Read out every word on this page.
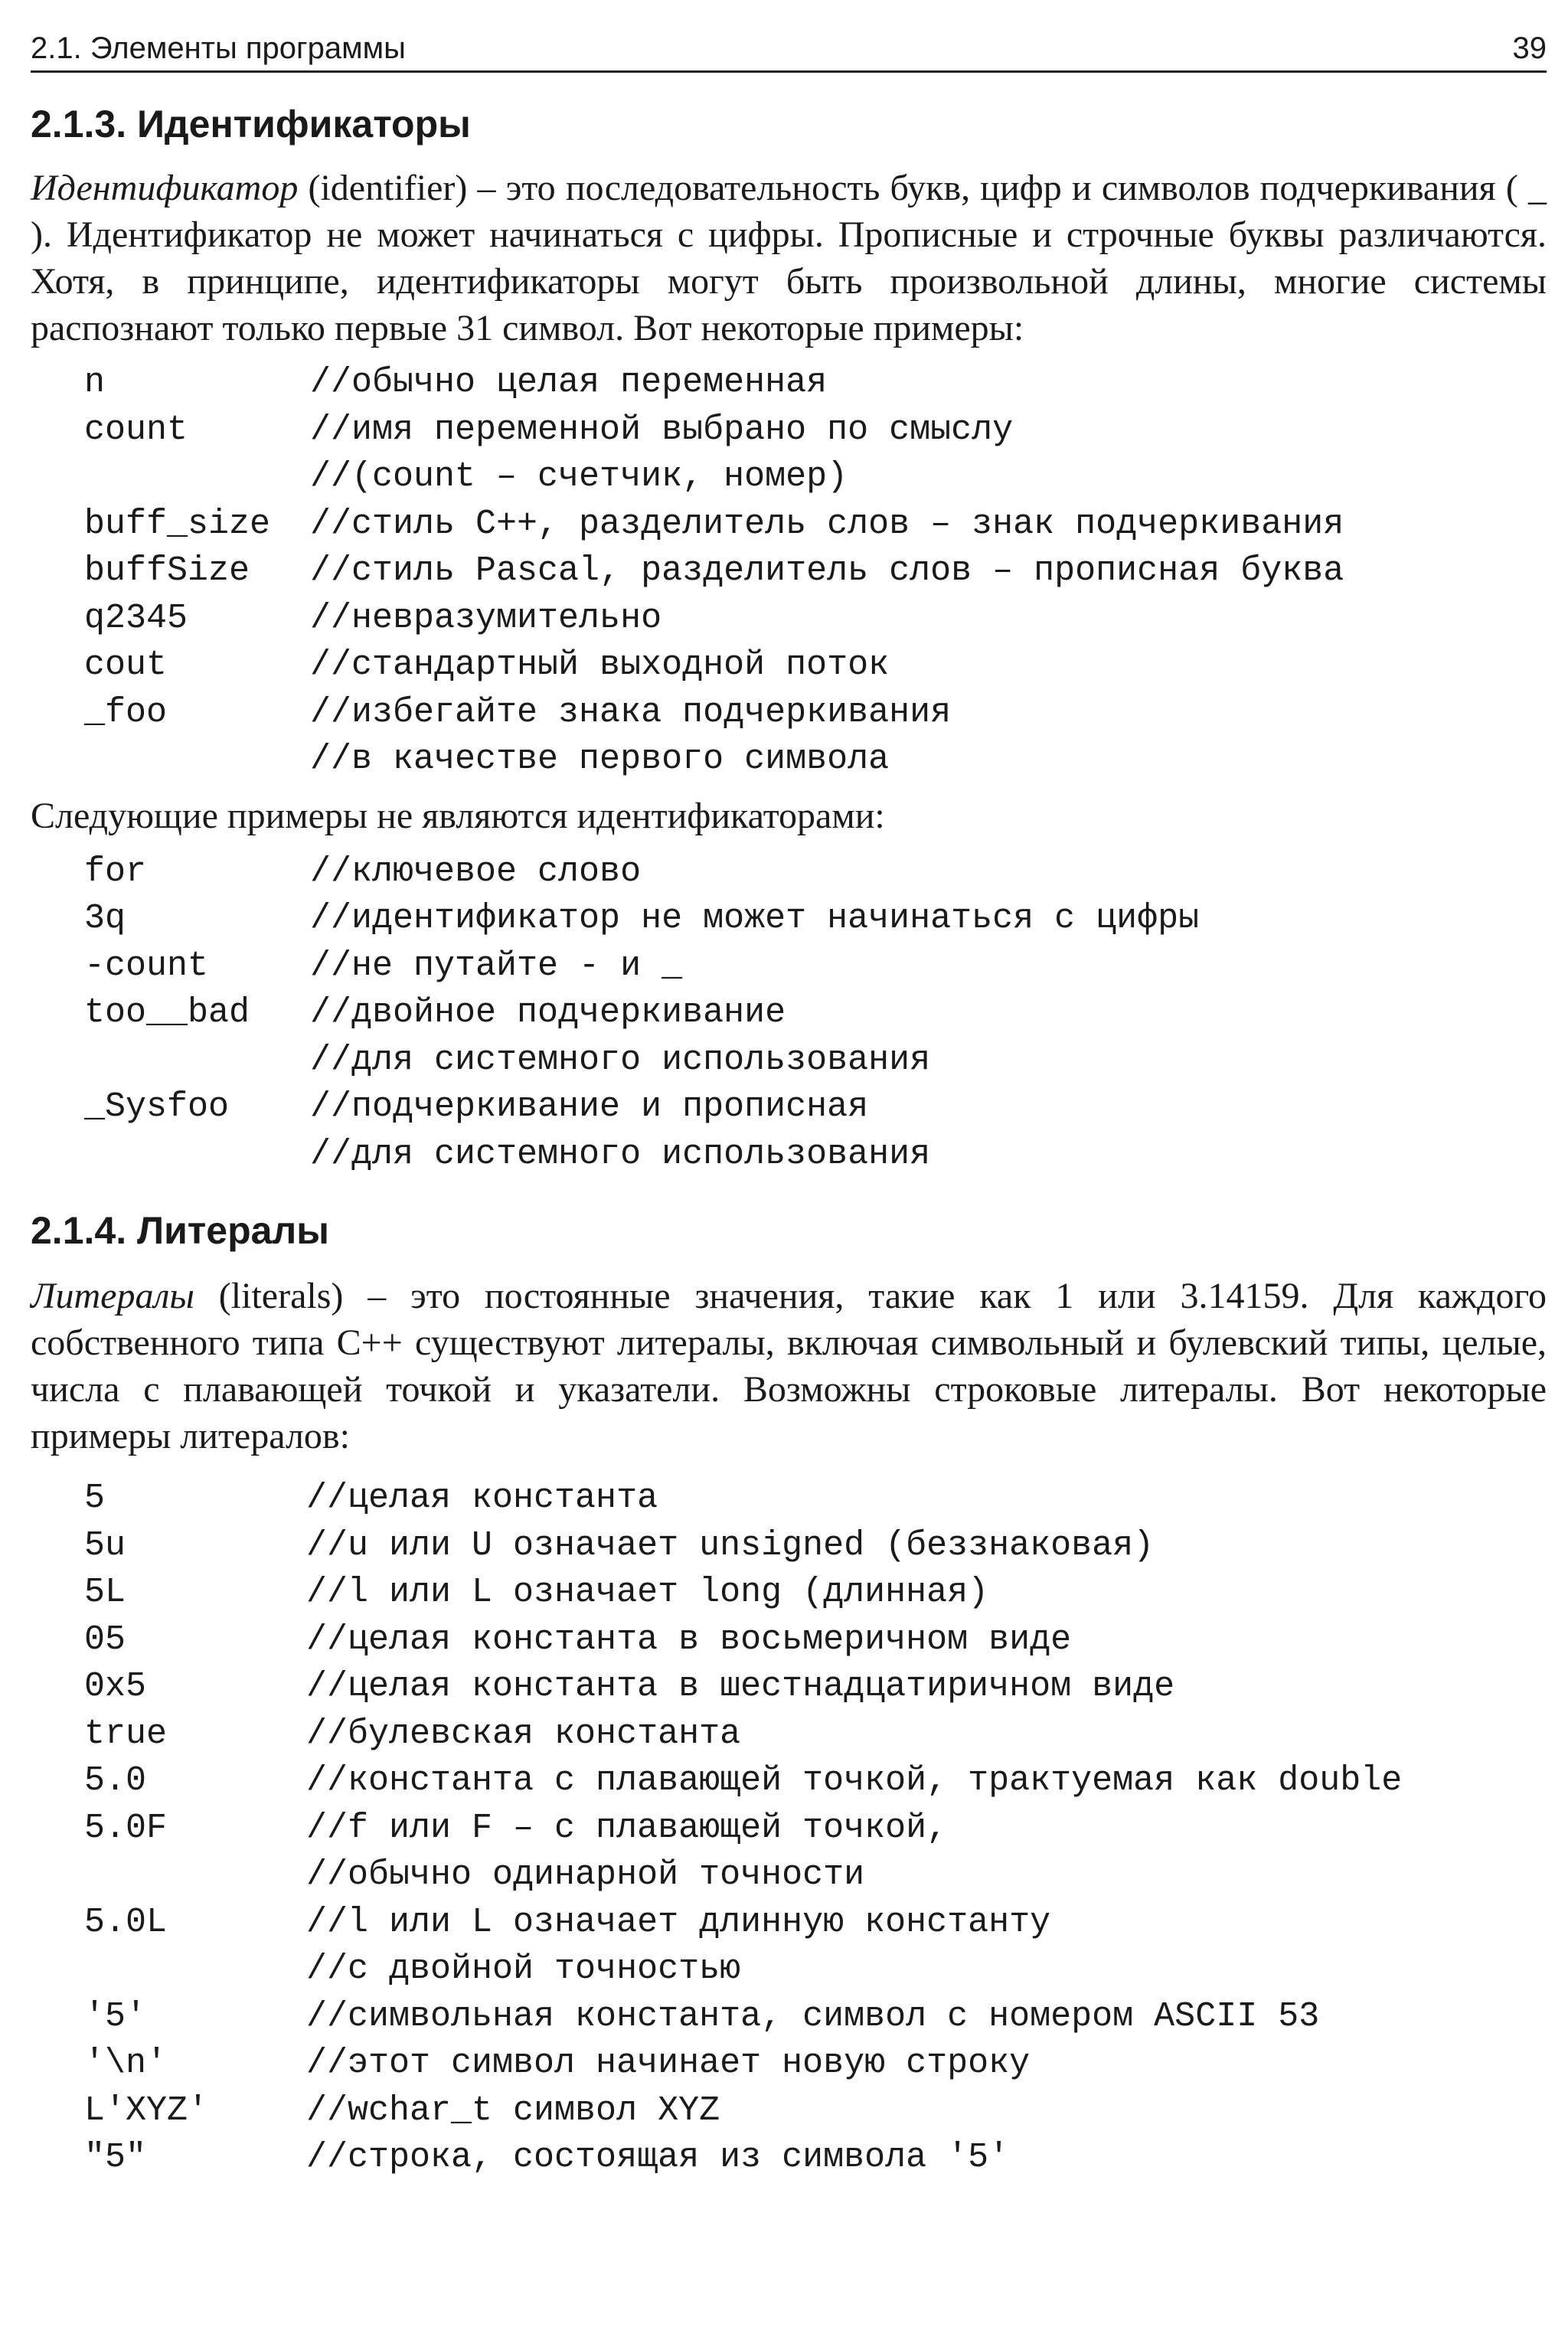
2.1. Элементы программы	39
2.1.3. Идентификаторы

Идентификатор (identifier) – это последовательность букв, цифр и символов подчеркивания ( _ ). Идентификатор не может начинаться с цифры. Прописные и строчные буквы различаются. Хотя, в принципе, идентификаторы могут быть произвольной длины, многие системы распознают только первые 31 символ. Вот некоторые примеры:

n	//обычно целая переменная
count	//имя переменной выбрано по смыслу
//(count – счетчик, номер)
buff_size	//стиль C++, разделитель слов – знак подчеркивания
buffSize	//стиль Pascal, разделитель слов – прописная буква
q2345	//невразумительно
cout	//стандартный выходной поток
_foo	//избегайте знака подчеркивания
//в качестве первого символа

Следующие примеры не являются идентификаторами:

for	//ключевое слово
3q	//идентификатор не может начинаться с цифры
-count	//не путайте - и _
too__bad	//двойное подчеркивание
//для системного использования
_Sysfoo	//подчеркивание и прописная
//для системного использования
2.1.4. Литералы

Литералы (literals) – это постоянные значения, такие как 1 или 3.14159. Для каждого собственного типа C++ существуют литералы, включая символьный и булевский типы, целые, числа с плавающей точкой и указатели. Возможны строковые литералы. Вот некоторые примеры литералов:

5	//целая константа
5u	//u или U означает unsigned (беззнаковая)
5L	//l или L означает long (длинная)
05	//целая константа в восьмеричном виде
0x5	//целая константа в шестнадцатиричном виде
true	//булевская константа
5.0	//константа с плавающей точкой, трактуемая как double
5.0F	//f или F – с плавающей точкой,
//обычно одинарной точности
5.0L	//l или L означает длинную константу
//с двойной точностью
'5'	//символьная константа, символ с номером ASCII 53
'\n'	//этот символ начинает новую строку
L'XYZ'	//wchar_t символ XYZ
"5"	//строка, состоящая из символа '5'
